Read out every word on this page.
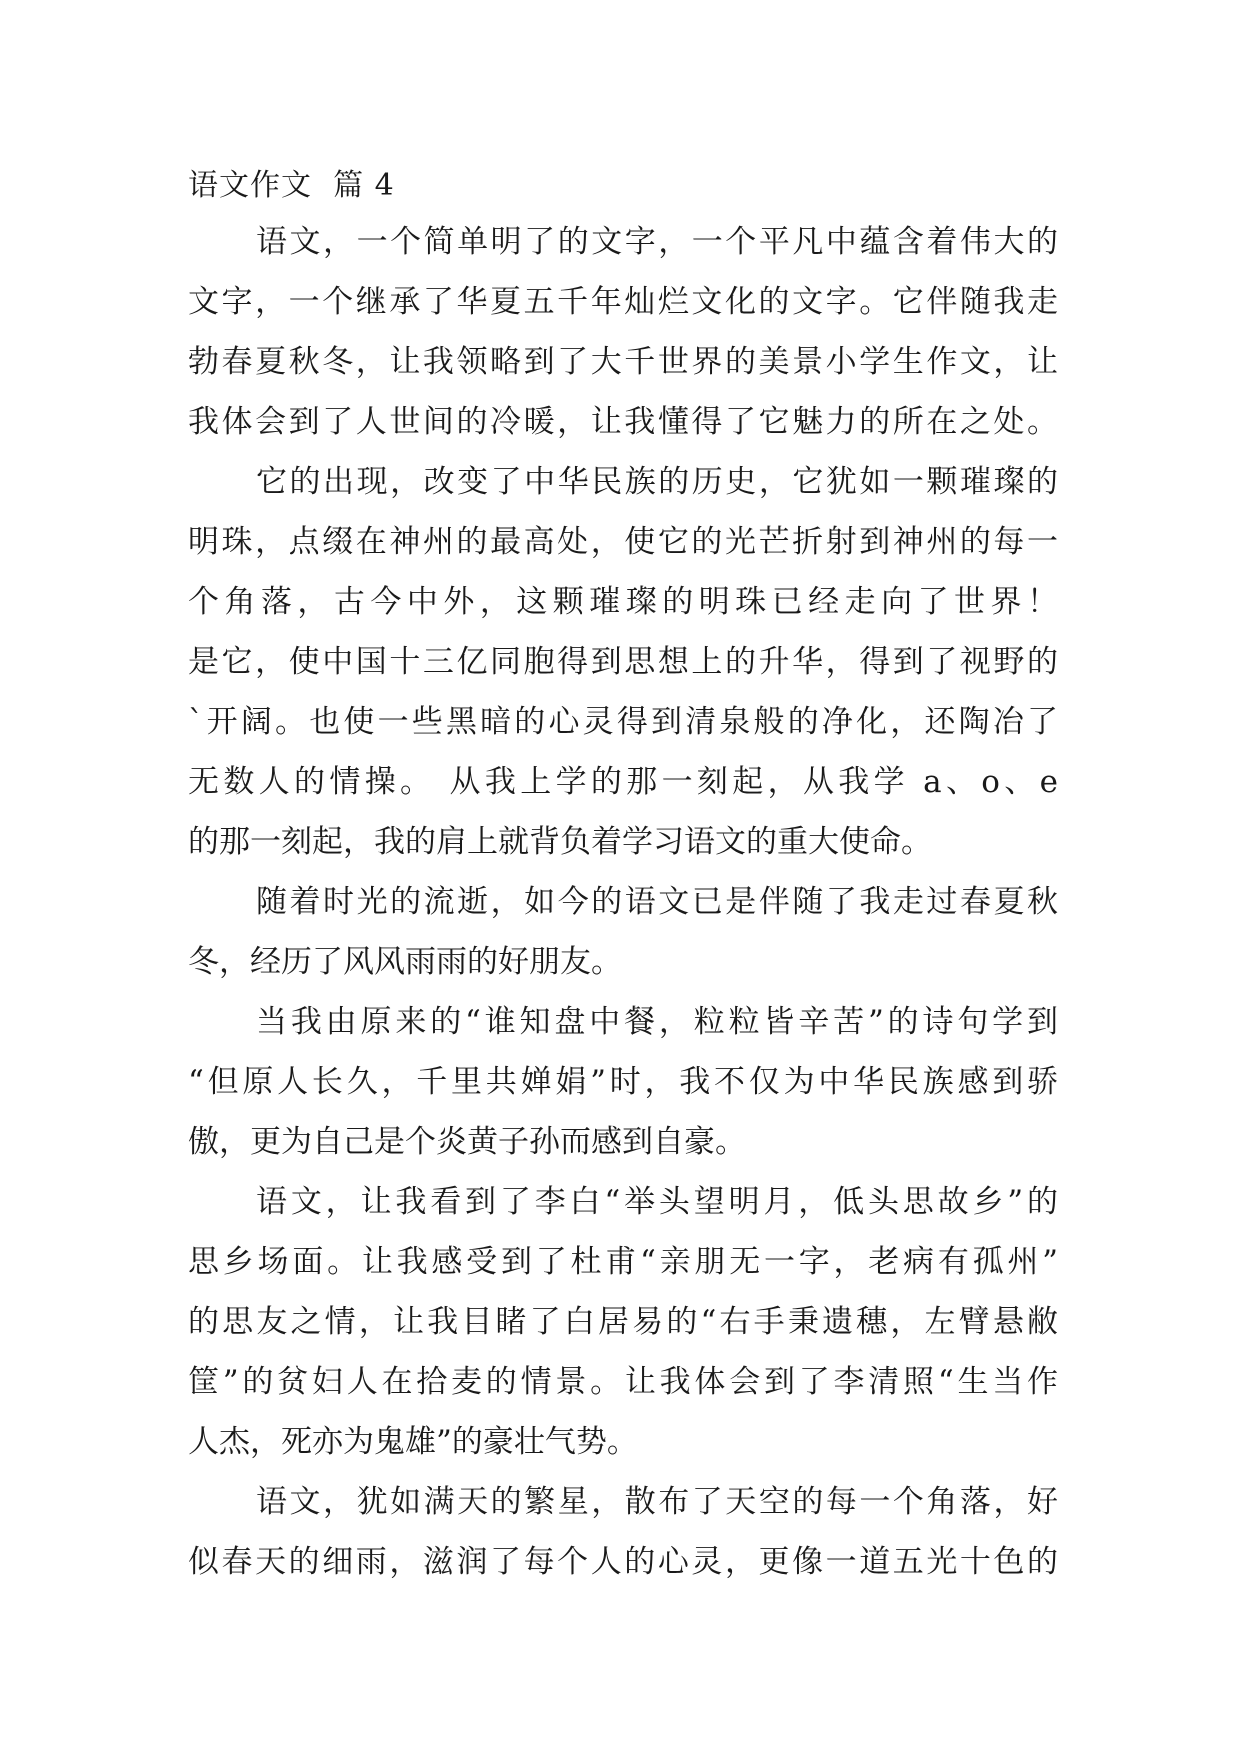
语文作文  篇 4
语文，一个简单明了的文字，一个平凡中蕴含着伟大的
文字，一个继承了华夏五千年灿烂文化的文字。它伴随我走
勃春夏秋冬，让我领略到了大千世界的美景小学生作文，让
我体会到了人世间的冷暖，让我懂得了它魅力的所在之处。
它的出现，改变了中华民族的历史，它犹如一颗璀璨的
明珠，点缀在神州的最高处，使它的光芒折射到神州的每一
个角落，古今中外，这颗璀璨的明珠已经走向了世界！
是它，使中国十三亿同胞得到思想上的升华，得到了视野的
`开阔。也使一些黑暗的心灵得到清泉般的净化，还陶冶了
无数人的情操。 从我上学的那一刻起，从我学 a、o、e
的那一刻起，我的肩上就背负着学习语文的重大使命。
随着时光的流逝，如今的语文已是伴随了我走过春夏秋
冬，经历了风风雨雨的好朋友。
当我由原来的“谁知盘中餐，粒粒皆辛苦”的诗句学到
“但原人长久，千里共婵娟”时，我不仅为中华民族感到骄
傲，更为自己是个炎黄子孙而感到自豪。
语文，让我看到了李白“举头望明月，低头思故乡”的
思乡场面。让我感受到了杜甫“亲朋无一字，老病有孤州”
的思友之情，让我目睹了白居易的“右手秉遗穗，左臂悬敝
筐”的贫妇人在拾麦的情景。让我体会到了李清照“生当作
人杰，死亦为鬼雄”的豪壮气势。
语文，犹如满天的繁星，散布了天空的每一个角落，好
似春天的细雨，滋润了每个人的心灵，更像一道五光十色的
